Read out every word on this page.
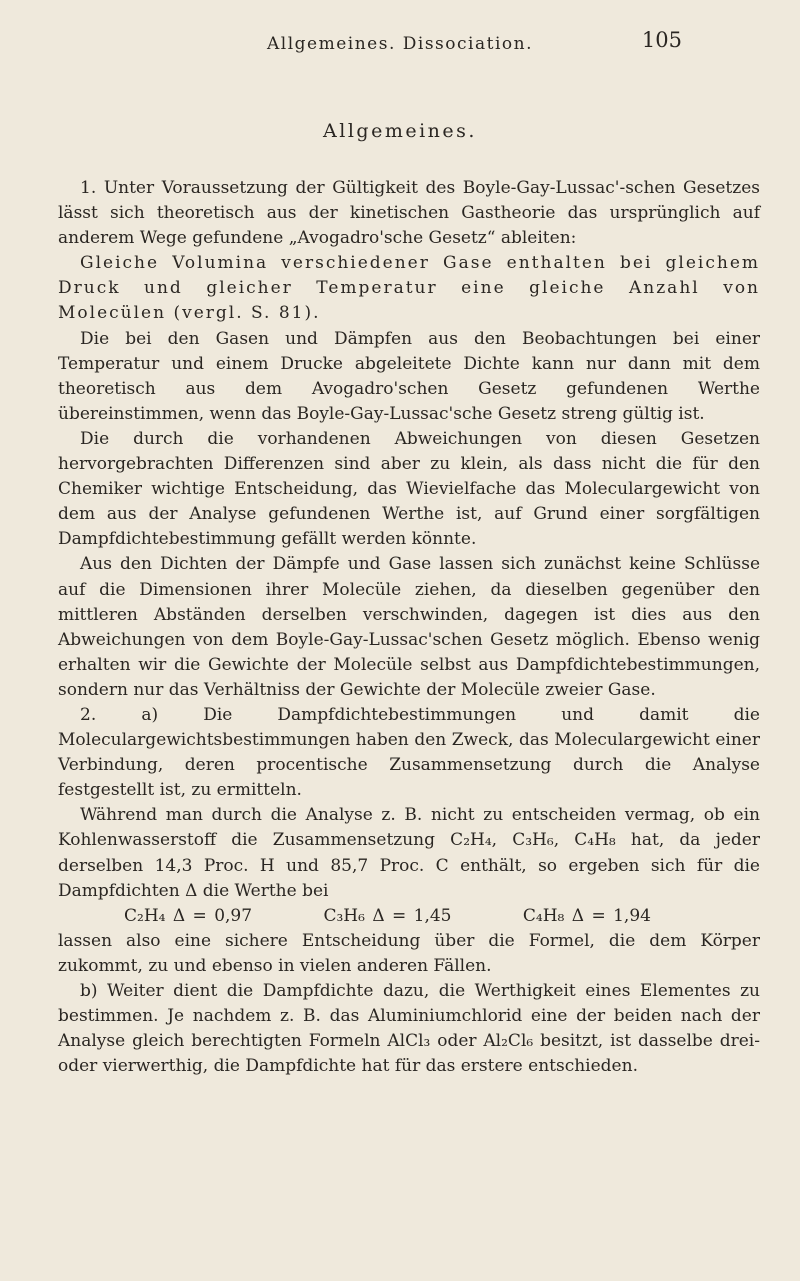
Allgemeines. Dissociation.	105
Allgemeines.

1. Unter Voraussetzung der Gültigkeit des Boyle-Gay-Lussac'-schen Gesetzes lässt sich theoretisch aus der kinetischen Gastheorie das ursprünglich auf anderem Wege gefundene „Avogadro'sche Gesetz“ ableiten:

Gleiche Volumina verschiedener Gase enthalten bei gleichem Druck und gleicher Temperatur eine gleiche Anzahl von Molecülen (vergl. S. 81).

Die bei den Gasen und Dämpfen aus den Beobachtungen bei einer Temperatur und einem Drucke abgeleitete Dichte kann nur dann mit dem theoretisch aus dem Avogadro'schen Gesetz gefundenen Werthe übereinstimmen, wenn das Boyle-Gay-Lussac'sche Gesetz streng gültig ist.

Die durch die vorhandenen Abweichungen von diesen Gesetzen hervorgebrachten Differenzen sind aber zu klein, als dass nicht die für den Chemiker wichtige Entscheidung, das Wievielfache das Moleculargewicht von dem aus der Analyse gefundenen Werthe ist, auf Grund einer sorgfältigen Dampfdichtebestimmung gefällt werden könnte.

Aus den Dichten der Dämpfe und Gase lassen sich zunächst keine Schlüsse auf die Dimensionen ihrer Molecüle ziehen, da dieselben gegenüber den mittleren Abständen derselben verschwinden, dagegen ist dies aus den Abweichungen von dem Boyle-Gay-Lussac'schen Gesetz möglich. Ebenso wenig erhalten wir die Gewichte der Molecüle selbst aus Dampfdichtebestimmungen, sondern nur das Verhältniss der Gewichte der Molecüle zweier Gase.

2. a) Die Dampfdichtebestimmungen und damit die Moleculargewichtsbestimmungen haben den Zweck, das Moleculargewicht einer Verbindung, deren procentische Zusammensetzung durch die Analyse festgestellt ist, zu ermitteln.

Während man durch die Analyse z. B. nicht zu entscheiden vermag, ob ein Kohlenwasserstoff die Zusammensetzung C₂H₄, C₃H₆, C₄H₈ hat, da jeder derselben 14,3 Proc. H und 85,7 Proc. C enthält, so ergeben sich für die Dampfdichten Δ die Werthe bei

C₂H₄ Δ = 0,97	C₃H₆ Δ = 1,45	C₄H₈ Δ = 1,94

lassen also eine sichere Entscheidung über die Formel, die dem Körper zukommt, zu und ebenso in vielen anderen Fällen.

b) Weiter dient die Dampfdichte dazu, die Werthigkeit eines Elementes zu bestimmen. Je nachdem z. B. das Aluminiumchlorid eine der beiden nach der Analyse gleich berechtigten Formeln AlCl₃ oder Al₂Cl₆ besitzt, ist dasselbe drei- oder vierwerthig, die Dampfdichte hat für das erstere entschieden.
